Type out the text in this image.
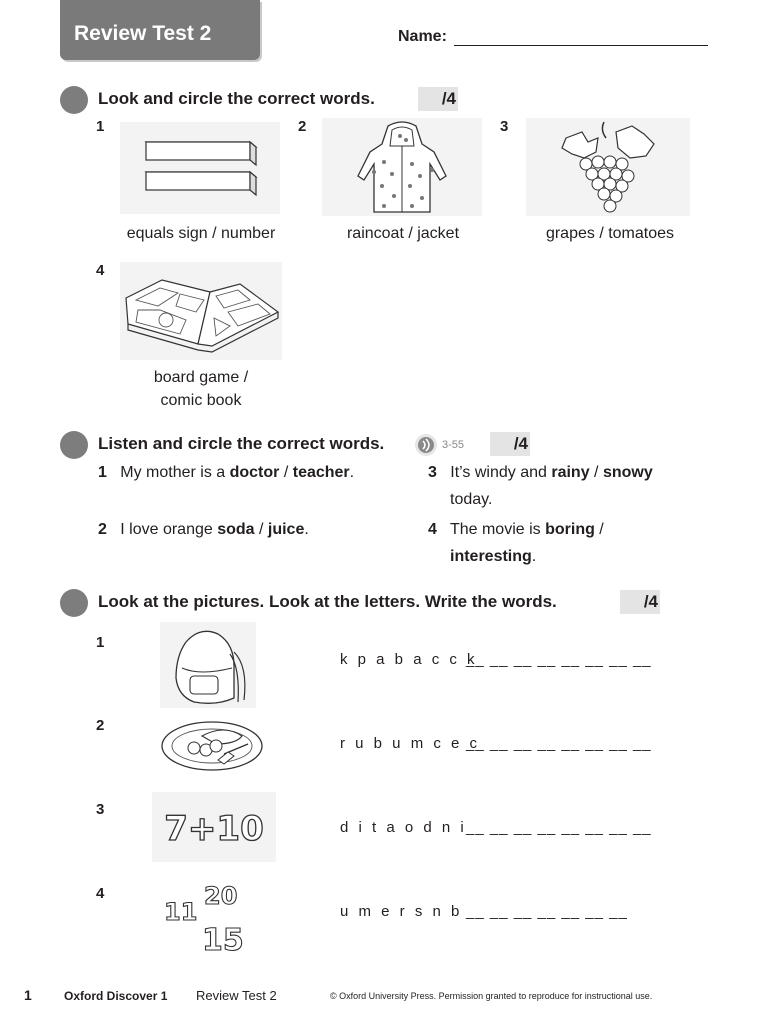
Review Test 2	Name:
Look and circle the correct words.	/4
1	2	3
equals sign / number	raincoat / jacket	grapes / tomatoes
4
board game /
comic book
Listen and circle the correct words.	3-55	/4
1 My mother is a doctor / teacher.	3 It’s windy and rainy / snowy
today.
2 I love orange soda / juice.	4 The movie is boring /
interesting.
Look at the pictures. Look at the letters. Write the words.	/4
1
k p a b a c c k
__ __ __ __ __ __ __ __
2
r u b u m c e c
__ __ __ __ __ __ __ __
3 7+10	d i t a o d n i __ __ __ __ __ __ __ __
4
11
20
15
u m e r s n b __ __ __ __ __ __ __
1	Oxford Discover 1 Review Test 2	© Oxford University Press. Permission granted to reproduce for instructional use.
